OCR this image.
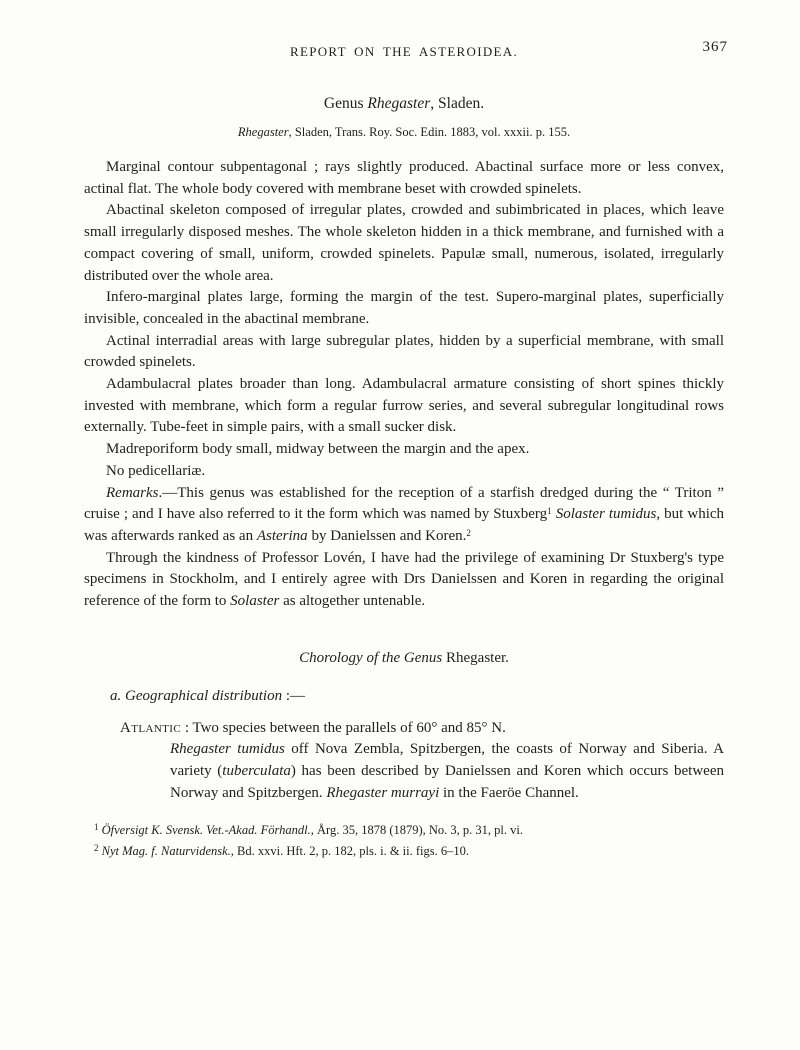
REPORT ON THE ASTEROIDEA.	367
Genus Rhegaster, Sladen.
Rhegaster, Sladen, Trans. Roy. Soc. Edin. 1883, vol. xxxii. p. 155.

Marginal contour subpentagonal ; rays slightly produced. Abactinal surface more or less convex, actinal flat. The whole body covered with membrane beset with crowded spinelets.

Abactinal skeleton composed of irregular plates, crowded and subimbricated in places, which leave small irregularly disposed meshes. The whole skeleton hidden in a thick membrane, and furnished with a compact covering of small, uniform, crowded spinelets. Papulæ small, numerous, isolated, irregularly distributed over the whole area.

Infero-marginal plates large, forming the margin of the test. Supero-marginal plates, superficially invisible, concealed in the abactinal membrane.

Actinal interradial areas with large subregular plates, hidden by a superficial membrane, with small crowded spinelets.

Adambulacral plates broader than long. Adambulacral armature consisting of short spines thickly invested with membrane, which form a regular furrow series, and several subregular longitudinal rows externally. Tube-feet in simple pairs, with a small sucker disk.

Madreporiform body small, midway between the margin and the apex.

No pedicellariæ.

Remarks.—This genus was established for the reception of a starfish dredged during the “ Triton ” cruise ; and I have also referred to it the form which was named by Stuxberg$^1$ Solaster tumidus, but which was afterwards ranked as an Asterina by Danielssen and Koren.$^2$

Through the kindness of Professor Lovén, I have had the privilege of examining Dr Stuxberg's type specimens in Stockholm, and I entirely agree with Drs Danielssen and Koren in regarding the original reference of the form to Solaster as altogether untenable.

Chorology of the Genus Rhegaster.
a. Geographical distribution :—
Atlantic : Two species between the parallels of 60° and 85° N.

Rhegaster tumidus off Nova Zembla, Spitzbergen, the coasts of Norway and Siberia. A variety (tuberculata) has been described by Danielssen and Koren which occurs between Norway and Spitzbergen. Rhegaster murrayi in the Faeröe Channel.

$^1$ Öfversigt K. Svensk. Vet.-Akad. Förhandl., Årg. 35, 1878 (1879), No. 3, p. 31, pl. vi.
$^2$ Nyt Mag. f. Naturvidensk., Bd. xxvi. Hft. 2, p. 182, pls. i. & ii. figs. 6–10.
